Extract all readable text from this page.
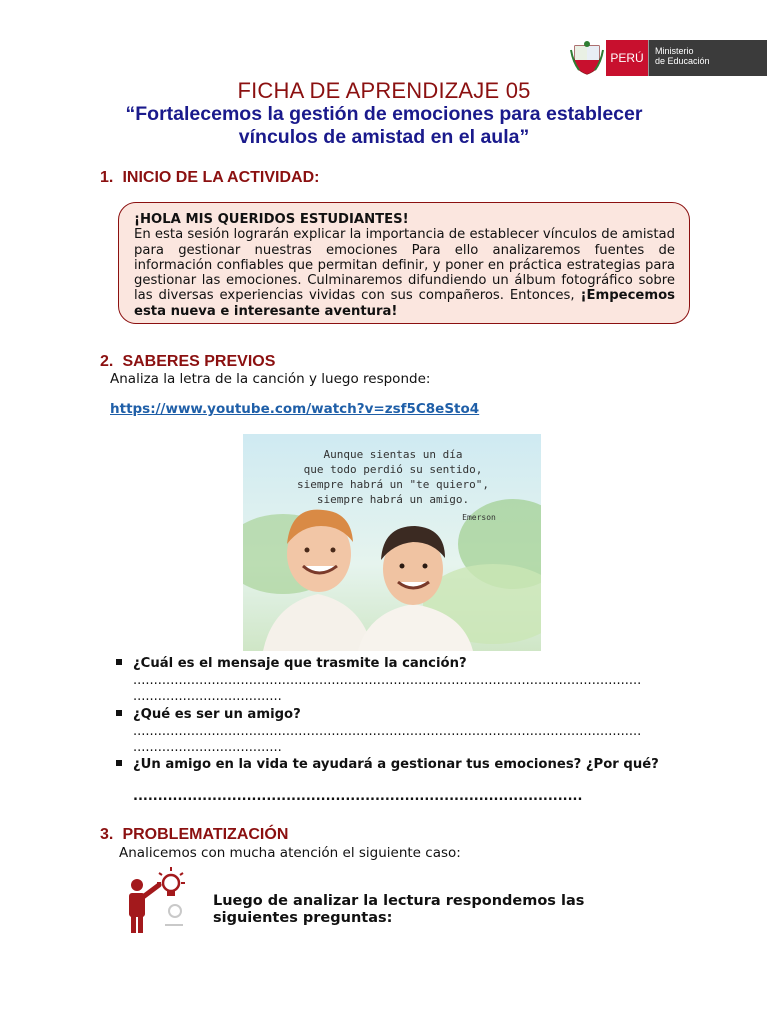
PERÚ	Ministerio
de Educación
FICHA DE APRENDIZAJE 05
“Fortalecemos la gestión de emociones para establecer
vínculos de amistad en el aula”
1. INICIO DE LA ACTIVIDAD:
¡HOLA MIS QUERIDOS ESTUDIANTES!
En esta sesión lograrán explicar la importancia de establecer vínculos de amistad para gestionar nuestras emociones Para ello analizaremos fuentes de información confiables que permitan definir, y poner en práctica estrategias para gestionar las emociones. Culminaremos difundiendo un álbum fotográfico sobre las diversas experiencias vividas con sus compañeros. Entonces, ¡Empecemos esta nueva e interesante aventura!
2. SABERES PREVIOS
Analiza la letra de la canción y luego responde:
https://www.youtube.com/watch?v=zsf5C8eSto4
Aunque sientas un día
que todo perdió su sentido,
siempre habrá un "te quiero",
siempre habrá un amigo.
Emerson
¿Cuál es el mensaje que trasmite la canción?
...........................................................................................................................
....................................
¿Qué es ser un amigo?
...........................................................................................................................
....................................
¿Un amigo en la vida te ayudará a gestionar tus emociones? ¿Por qué?
...........................................................................................
3. PROBLEMATIZACIÓN
Analicemos con mucha atención el siguiente caso:
Luego de analizar la lectura respondemos las
siguientes preguntas:
